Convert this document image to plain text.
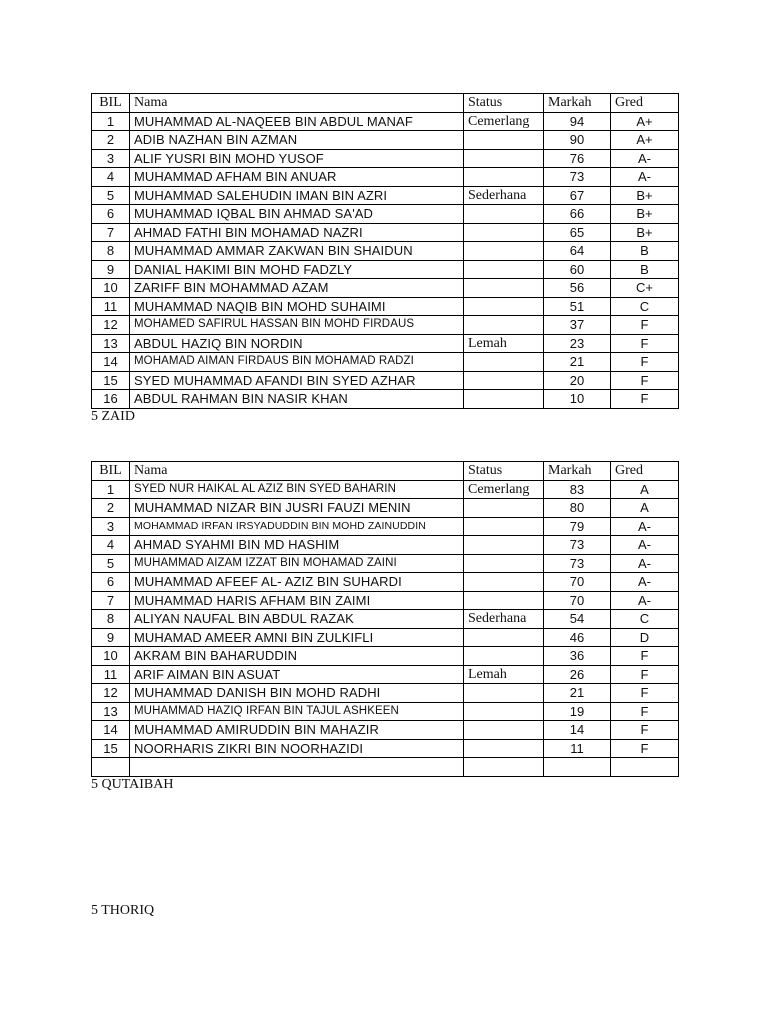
BIL	Nama	Status	Markah	Gred
1	MUHAMMAD AL-NAQEEB BIN ABDUL MANAF	Cemerlang	94	A+
2	ADIB NAZHAN BIN AZMAN		90	A+
3	ALIF YUSRI BIN MOHD YUSOF		76	A-
4	MUHAMMAD AFHAM BIN ANUAR		73	A-
5	MUHAMMAD SALEHUDIN IMAN BIN AZRI	Sederhana	67	B+
6	MUHAMMAD IQBAL BIN AHMAD SA'AD		66	B+
7	AHMAD FATHI BIN MOHAMAD NAZRI		65	B+
8	MUHAMMAD AMMAR ZAKWAN BIN SHAIDUN		64	B
9	DANIAL HAKIMI BIN MOHD FADZLY		60	B
10	ZARIFF BIN MOHAMMAD AZAM		56	C+
11	MUHAMMAD NAQIB BIN MOHD SUHAIMI		51	C
12	MOHAMED SAFIRUL HASSAN BIN MOHD FIRDAUS		37	F
13	ABDUL HAZIQ BIN NORDIN	Lemah	23	F
14	MOHAMAD AIMAN FIRDAUS BIN MOHAMAD RADZI		21	F
15	SYED MUHAMMAD AFANDI BIN SYED AZHAR		20	F
16	ABDUL RAHMAN BIN NASIR KHAN		10	F
5 ZAID
BIL	Nama	Status	Markah	Gred
1	SYED NUR HAIKAL AL AZIZ BIN SYED BAHARIN	Cemerlang	83	A
2	MUHAMMAD NIZAR BIN JUSRI FAUZI MENIN		80	A
3	MOHAMMAD IRFAN IRSYADUDDIN BIN MOHD ZAINUDDIN		79	A-
4	AHMAD SYAHMI BIN MD HASHIM		73	A-
5	MUHAMMAD AIZAM IZZAT BIN MOHAMAD ZAINI		73	A-
6	MUHAMMAD AFEEF AL- AZIZ BIN SUHARDI		70	A-
7	MUHAMMAD HARIS AFHAM BIN ZAIMI		70	A-
8	ALIYAN NAUFAL BIN ABDUL RAZAK	Sederhana	54	C
9	MUHAMAD AMEER AMNI BIN ZULKIFLI		46	D
10	AKRAM BIN BAHARUDDIN		36	F
11	ARIF AIMAN BIN ASUAT	Lemah	26	F
12	MUHAMMAD DANISH BIN MOHD RADHI		21	F
13	MUHAMMAD HAZIQ IRFAN BIN TAJUL ASHKEEN		19	F
14	MUHAMMAD AMIRUDDIN BIN MAHAZIR		14	F
15	NOORHARIS ZIKRI BIN NOORHAZIDI		11	F

5 QUTAIBAH
5 THORIQ
